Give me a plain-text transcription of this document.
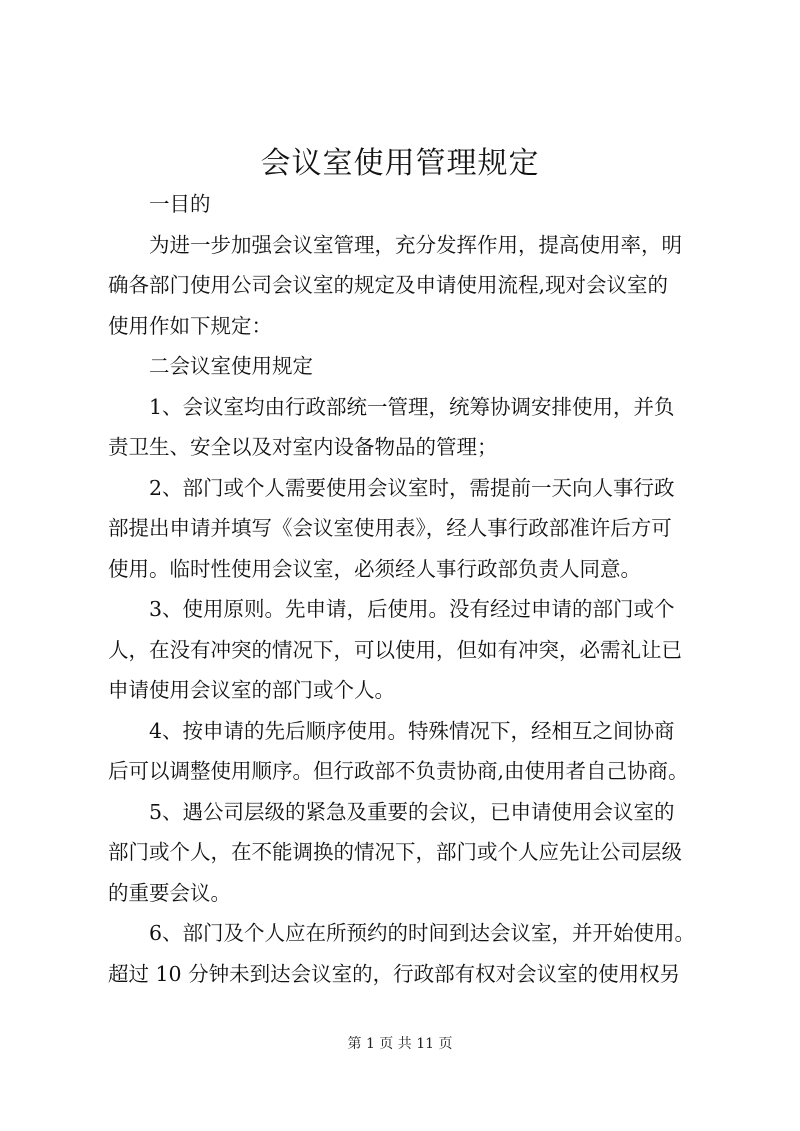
会议室使用管理规定

一目的

为进一步加强会议室管理，充分发挥作用，提高使用率，明
确各部门使用公司会议室的规定及申请使用流程,现对会议室的
使用作如下规定：

二会议室使用规定

1、会议室均由行政部统一管理，统筹协调安排使用，并负
责卫生、安全以及对室内设备物品的管理；

2、部门或个人需要使用会议室时，需提前一天向人事行政
部提出申请并填写《会议室使用表》，经人事行政部准许后方可
使用。临时性使用会议室，必须经人事行政部负责人同意。

3、使用原则。先申请，后使用。没有经过申请的部门或个
人，在没有冲突的情况下，可以使用，但如有冲突，必需礼让已
申请使用会议室的部门或个人。

4、按申请的先后顺序使用。特殊情况下，经相互之间协商
后可以调整使用顺序。但行政部不负责协商,由使用者自己协商。

5、遇公司层级的紧急及重要的会议，已申请使用会议室的
部门或个人，在不能调换的情况下，部门或个人应先让公司层级
的重要会议。

6、部门及个人应在所预约的时间到达会议室，并开始使用。
超过 10 分钟未到达会议室的，行政部有权对会议室的使用权另

第 1 页 共 11 页
